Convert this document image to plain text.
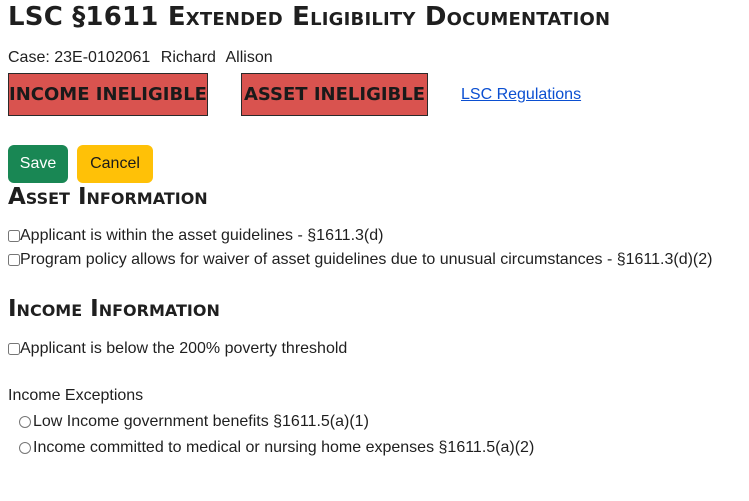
LSC §1611 Extended Eligibility Documentation
Case: 23E-0102061 Richard Allison
INCOME INELIGIBLE ASSET INELIGIBLE LSC Regulations
Save	Cancel
Asset Information
Applicant is within the asset guidelines - §1611.3(d)
Program policy allows for waiver of asset guidelines due to unusual circumstances - §1611.3(d)(2)
Income Information
Applicant is below the 200% poverty threshold
Income Exceptions
Low Income government benefits §1611.5(a)(1)
Income committed to medical or nursing home expenses §1611.5(a)(2)
